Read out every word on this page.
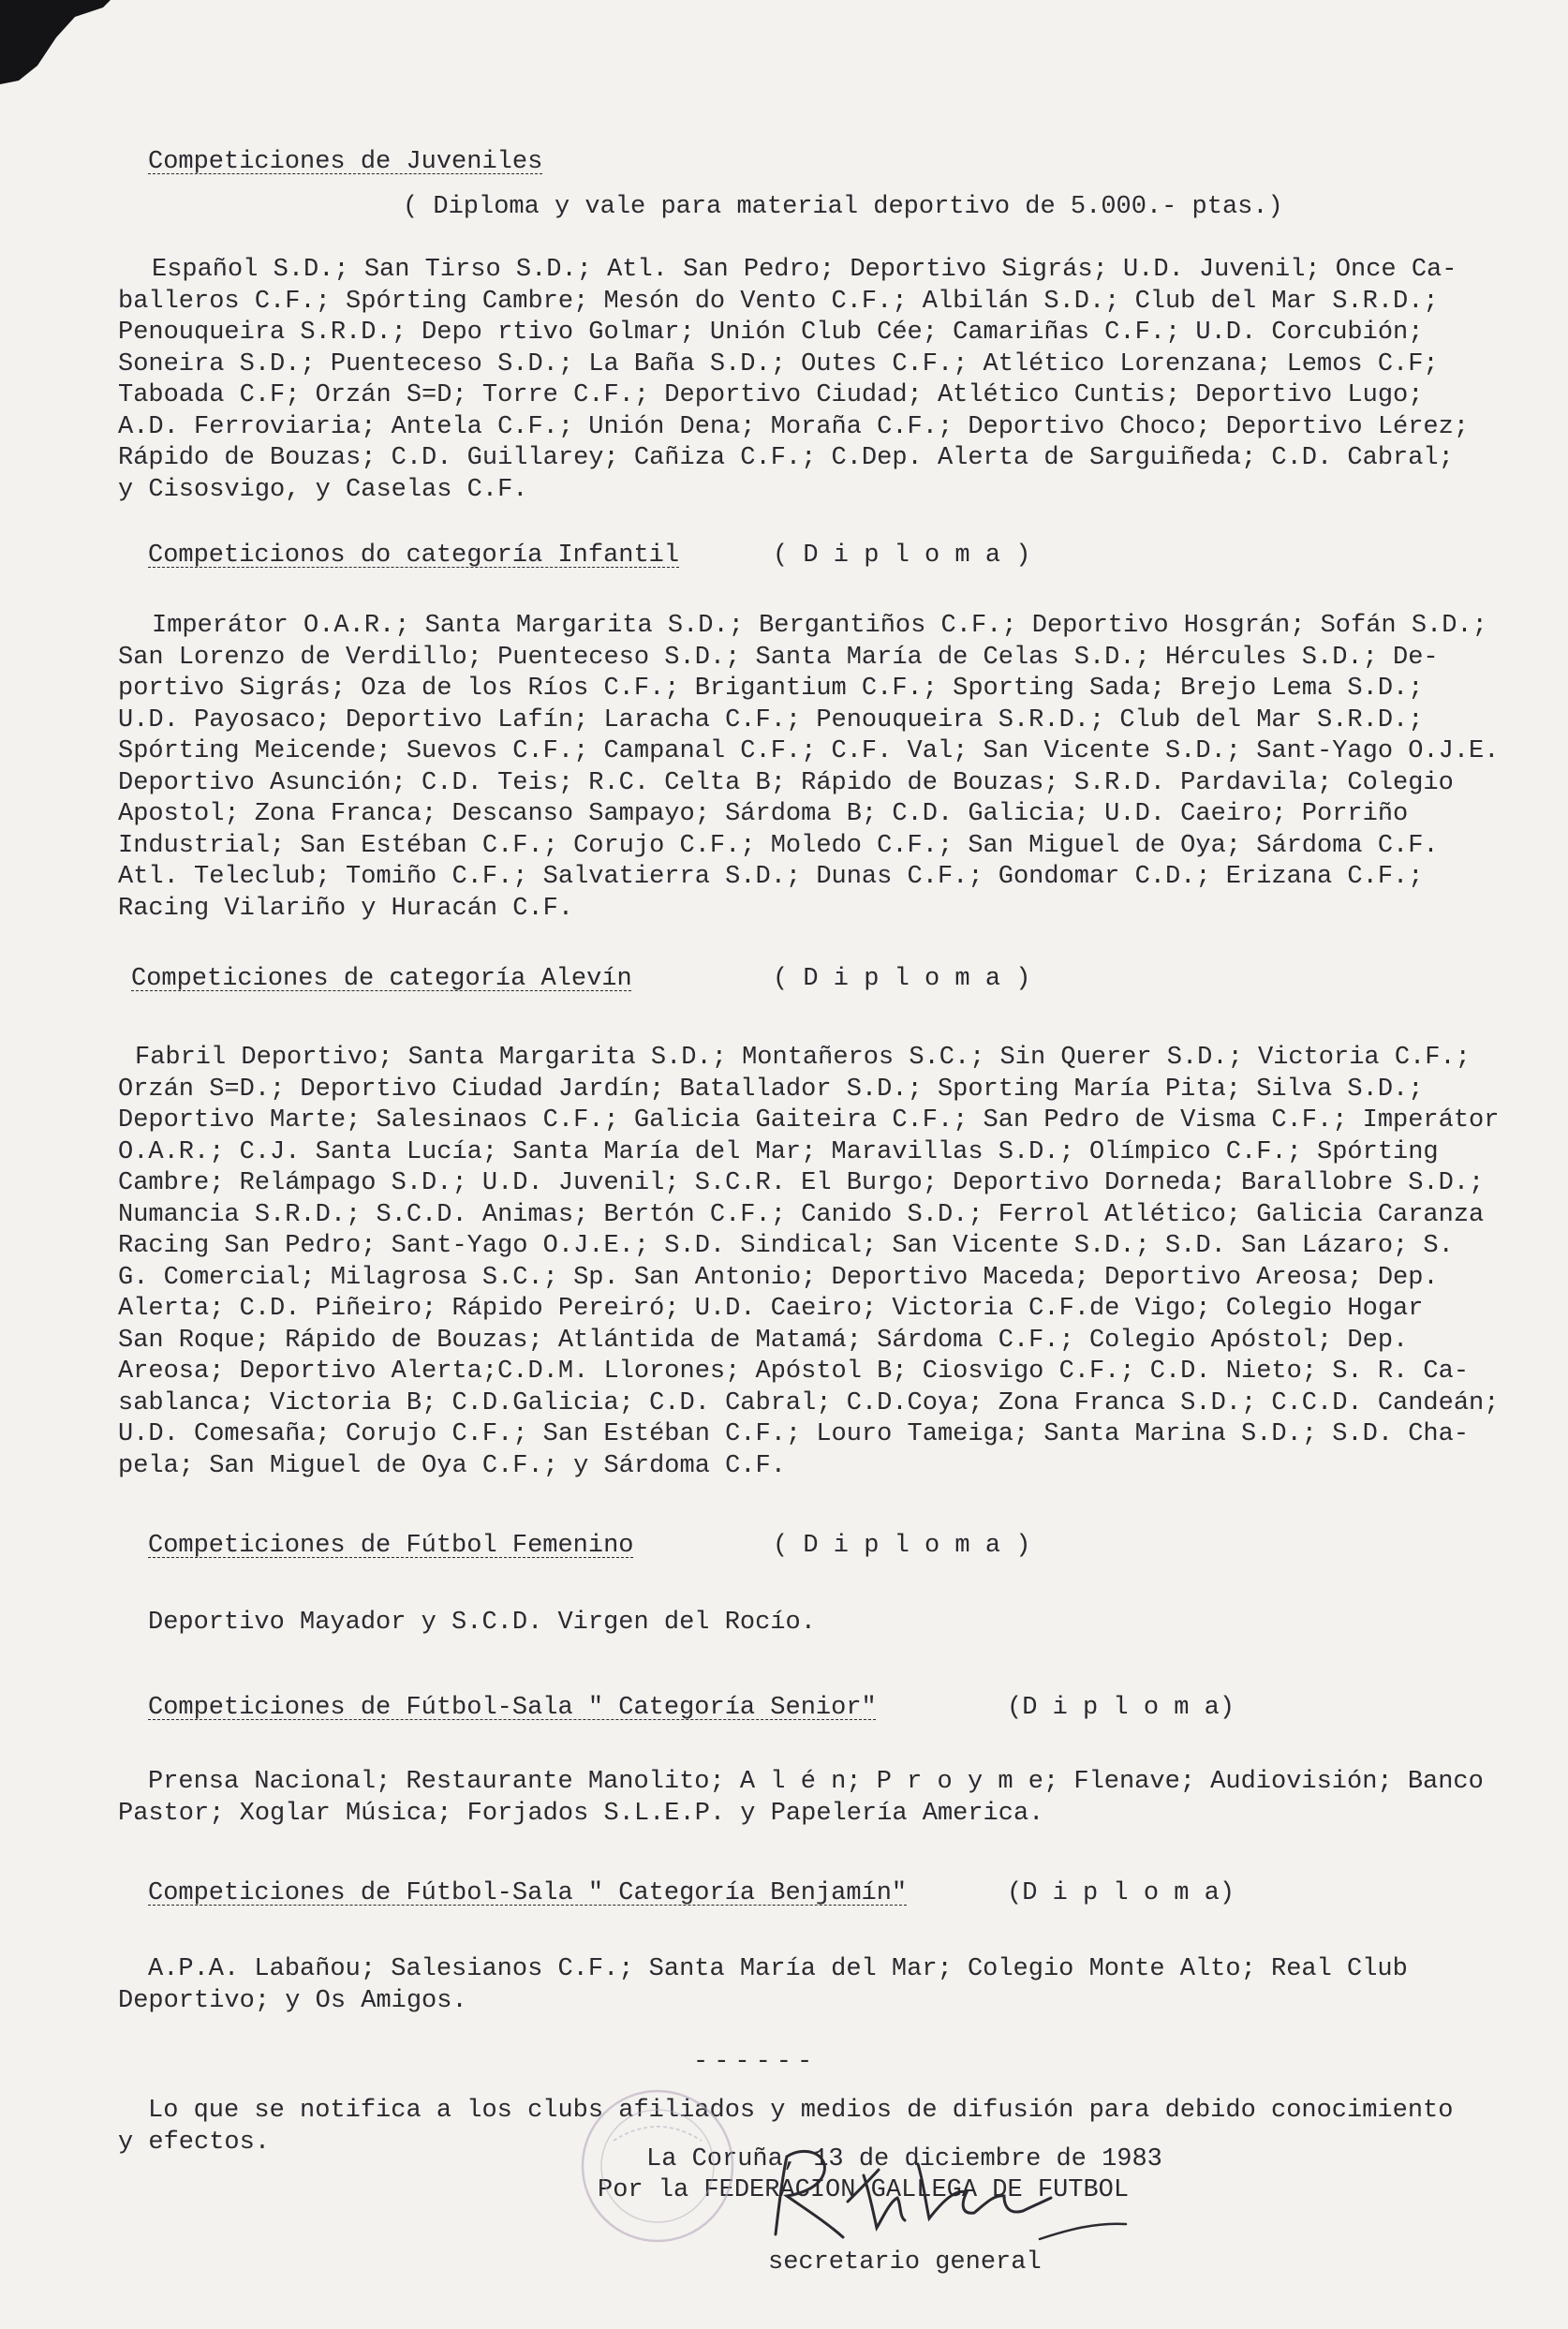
Competiciones de Juveniles
( Diploma y vale para material deportivo de 5.000.- ptas.)
Español S.D.; San Tirso S.D.; Atl. San Pedro; Deportivo Sigrás; U.D. Juvenil; Once Ca-
balleros C.F.; Spórting Cambre; Mesón do Vento C.F.; Albilán S.D.; Club del Mar S.R.D.;
Penouqueira S.R.D.; Depo rtivo Golmar; Unión Club Cée; Camariñas C.F.; U.D. Corcubión;
Soneira S.D.; Puenteceso S.D.; La Baña S.D.; Outes C.F.; Atlético Lorenzana; Lemos C.F;
Taboada C.F; Orzán S=D; Torre C.F.; Deportivo Ciudad; Atlético Cuntis; Deportivo Lugo;
A.D. Ferroviaria; Antela C.F.; Unión Dena; Moraña C.F.; Deportivo Choco; Deportivo Lérez;
Rápido de Bouzas; C.D. Guillarey; Cañiza C.F.; C.Dep. Alerta de Sarguiñeda; C.D. Cabral;
y Cisosvigo, y Caselas C.F.
Competicionos do categoría Infantil	( D i p l o m a )
Imperátor O.A.R.; Santa Margarita S.D.; Bergantiños C.F.; Deportivo Hosgrán; Sofán S.D.;
San Lorenzo de Verdillo; Puenteceso S.D.; Santa María de Celas S.D.; Hércules S.D.; De-
portivo Sigrás; Oza de los Ríos C.F.; Brigantium C.F.; Sporting Sada; Brejo Lema S.D.;
U.D. Payosaco; Deportivo Lafín; Laracha C.F.; Penouqueira S.R.D.; Club del Mar S.R.D.;
Spórting Meicende; Suevos C.F.; Campanal C.F.; C.F. Val; San Vicente S.D.; Sant-Yago O.J.E.
Deportivo Asunción; C.D. Teis; R.C. Celta B; Rápido de Bouzas; S.R.D. Pardavila; Colegio
Apostol; Zona Franca; Descanso Sampayo; Sárdoma B; C.D. Galicia; U.D. Caeiro; Porriño
Industrial; San Estéban C.F.; Corujo C.F.; Moledo C.F.; San Miguel de Oya; Sárdoma C.F.
Atl. Teleclub; Tomiño C.F.; Salvatierra S.D.; Dunas C.F.; Gondomar C.D.; Erizana C.F.;
Racing Vilariño y Huracán C.F.
Competiciones de categoría Alevín	( D i p l o m a )
Fabril Deportivo; Santa Margarita S.D.; Montañeros S.C.; Sin Querer S.D.; Victoria C.F.;
Orzán S=D.; Deportivo Ciudad Jardín; Batallador S.D.; Sporting María Pita; Silva S.D.;
Deportivo Marte; Salesinaos C.F.; Galicia Gaiteira C.F.; San Pedro de Visma C.F.; Imperátor
O.A.R.; C.J. Santa Lucía; Santa María del Mar; Maravillas S.D.; Olímpico C.F.; Spórting
Cambre; Relámpago S.D.; U.D. Juvenil; S.C.R. El Burgo; Deportivo Dorneda; Barallobre S.D.;
Numancia S.R.D.; S.C.D. Animas; Bertón C.F.; Canido S.D.; Ferrol Atlético; Galicia Caranza
Racing San Pedro; Sant-Yago O.J.E.; S.D. Sindical; San Vicente S.D.; S.D. San Lázaro; S.
G. Comercial; Milagrosa S.C.; Sp. San Antonio; Deportivo Maceda; Deportivo Areosa; Dep.
Alerta; C.D. Piñeiro; Rápido Pereiró; U.D. Caeiro; Victoria C.F.de Vigo; Colegio Hogar
San Roque; Rápido de Bouzas; Atlántida de Matamá; Sárdoma C.F.; Colegio Apóstol; Dep.
Areosa; Deportivo Alerta;C.D.M. Llorones; Apóstol B; Ciosvigo C.F.; C.D. Nieto; S. R. Ca-
sablanca; Victoria B; C.D.Galicia; C.D. Cabral; C.D.Coya; Zona Franca S.D.; C.C.D. Candeán;
U.D. Comesaña; Corujo C.F.; San Estéban C.F.; Louro Tameiga; Santa Marina S.D.; S.D. Cha-
pela; San Miguel de Oya C.F.; y Sárdoma C.F.
Competiciones de Fútbol Femenino	( D i p l o m a )
Deportivo Mayador y S.C.D. Virgen del Rocío.
Competiciones de Fútbol-Sala " Categoría Senior"	(D i p l o m a)
Prensa Nacional; Restaurante Manolito; A l é n; P r o y m e; Flenave; Audiovisión; Banco
Pastor; Xoglar Música; Forjados S.L.E.P. y Papelería America.
Competiciones de Fútbol-Sala " Categoría Benjamín"	(D i p l o m a)
A.P.A. Labañou; Salesianos C.F.; Santa María del Mar; Colegio Monte Alto; Real Club
Deportivo; y Os Amigos.
------
Lo que se notifica a los clubs afiliados y medios de difusión para debido conocimiento
y efectos.
La Coruña, 13 de diciembre de 1983
Por la FEDERACION GALLEGA DE FUTBOL
secretario general
